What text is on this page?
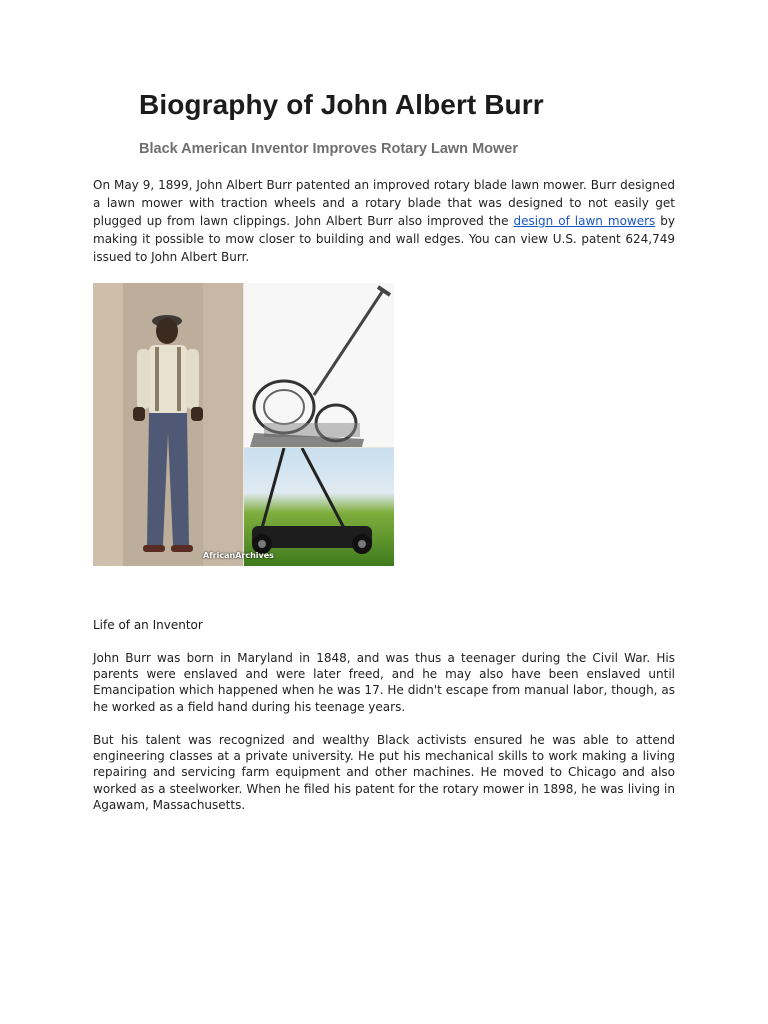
Biography of John Albert Burr
Black American Inventor Improves Rotary Lawn Mower

On May 9, 1899, John Albert Burr patented an improved rotary blade lawn mower. Burr designed a lawn mower with traction wheels and a rotary blade that was designed to not easily get plugged up from lawn clippings. John Albert Burr also improved the design of lawn mowers by making it possible to mow closer to building and wall edges. You can view U.S. patent 624,749 issued to John Albert Burr.

AfricanArchives
Life of an Inventor

John Burr was born in Maryland in 1848, and was thus a teenager during the Civil War. His parents were enslaved and were later freed, and he may also have been enslaved until Emancipation which happened when he was 17. He didn't escape from manual labor, though, as he worked as a field hand during his teenage years.

But his talent was recognized and wealthy Black activists ensured he was able to attend engineering classes at a private university. He put his mechanical skills to work making a living repairing and servicing farm equipment and other machines. He moved to Chicago and also worked as a steelworker. When he filed his patent for the rotary mower in 1898, he was living in Agawam, Massachusetts.
